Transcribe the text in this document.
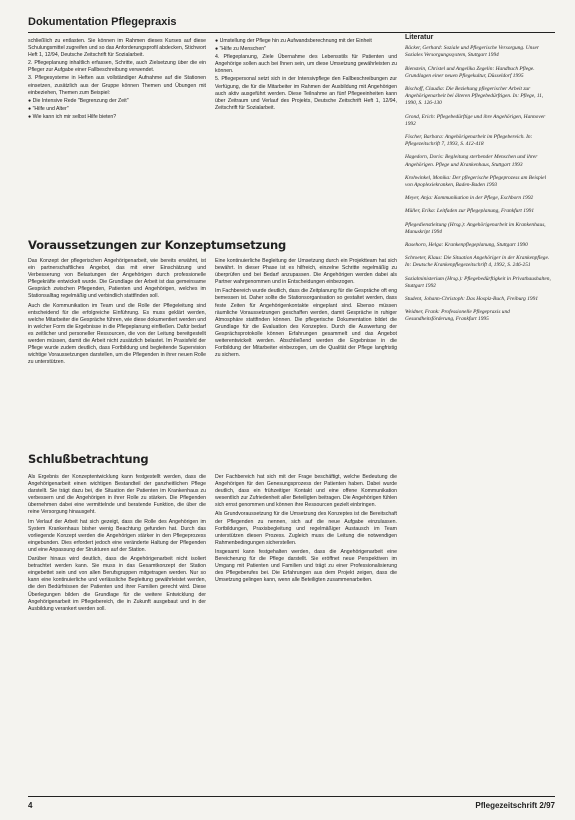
Dokumentation Pflegepraxis
schließlich zu entlasten. Sie können im Rahmen dieses Kurses auf diese Schulungsmittel zugreifen und so das Anforderungsprofil abdecken, Stichwort Heft 1, 12/94, Deutsche Zeitschrift für Sozialarbeit.
2. Pflegeplanung inhaltlich erfassen, Schritte, auch Zielsetzung über die ein Pfleger zur Aufgabe einer Fallbeschreibung verwendet.
3. Pflegesysteme in Heften aus vollständiger Aufnahme auf die Stationen einsetzen, zusätzlich aus der Gruppe können Themen und Übungen mit einbeziehen, Themen zum Beispiel:
● Die Intensive Rede "Begrenzung der Zeit"
● "Hilfe und Alter"
● Wie kann ich mir selbst Hilfe bieten?
● Umstellung der Pflege hin zu Aufwandsberechnung mit der Einheit
● "Hilfe zu Menschen"
4. Pflegeplanung, Ziele Übernahme des Lebensstils für Patienten und Angehörige sollen auch bei Ihnen sein, um diese Umsetzung gewährleisten zu können.
5. Pflegepersonal setzt sich in der Intensivpflege den Fallbeschreibungen zur Verfügung, die für die Mitarbeiter im Rahmen der Ausbildung mit Angehörigen auch aktiv ausgeführt werden. Diese Teilnahme an fünf Pflegeeinheiten kann über Zeitraum und Verlauf des Projekts, Deutsche Zeitschrift Heft 1, 12/94, Zeitschrift für Sozialarbeit.
Voraussetzungen zur Konzeptumsetzung

Das Konzept der pflegerischen Angehörigenarbeit, wie bereits erwähnt, ist ein partnerschaftliches Angebot, das mit einer Einschätzung und Verbesserung von Belastungen der Angehörigen durch professionelle Pflegekräfte entwickelt wurde. Die Grundlage der Arbeit ist das gemeinsame Gespräch zwischen Pflegenden, Patienten und Angehörigen, welches im Stationsalltag regelmäßig und verbindlich stattfinden soll.

Auch die Kommunikation im Team und die Rolle der Pflegeleitung sind entscheidend für die erfolgreiche Einführung. Es muss geklärt werden, welche Mitarbeiter die Gespräche führen, wie diese dokumentiert werden und in welcher Form die Ergebnisse in die Pflegeplanung einfließen. Dafür bedarf es zeitlicher und personeller Ressourcen, die von der Leitung bereitgestellt werden müssen, damit die Arbeit nicht zusätzlich belastet. Im Praxisfeld der Pflege wurde zudem deutlich, dass Fortbildung und begleitende Supervision wichtige Voraussetzungen darstellen, um die Pflegenden in ihrer neuen Rolle zu unterstützen.

Eine kontinuierliche Begleitung der Umsetzung durch ein Projektteam hat sich bewährt. In dieser Phase ist es hilfreich, einzelne Schritte regelmäßig zu überprüfen und bei Bedarf anzupassen. Die Angehörigen werden dabei als Partner wahrgenommen und in Entscheidungen einbezogen.

Im Fachbereich wurde deutlich, dass die Zeitplanung für die Gespräche oft eng bemessen ist. Daher sollte die Stationsorganisation so gestaltet werden, dass feste Zeiten für Angehörigenkontakte eingeplant sind. Ebenso müssen räumliche Voraussetzungen geschaffen werden, damit Gespräche in ruhiger Atmosphäre stattfinden können. Die pflegerische Dokumentation bildet die Grundlage für die Evaluation des Konzeptes. Durch die Auswertung der Gesprächsprotokolle können Erfahrungen gesammelt und das Angebot weiterentwickelt werden. Abschließend werden die Ergebnisse in die Fortbildung der Mitarbeiter einbezogen, um die Qualität der Pflege langfristig zu sichern.

Schlußbetrachtung

Als Ergebnis der Konzeptentwicklung kann festgestellt werden, dass die Angehörigenarbeit einen wichtigen Bestandteil der ganzheitlichen Pflege darstellt. Sie trägt dazu bei, die Situation der Patienten im Krankenhaus zu verbessern und die Angehörigen in ihrer Rolle zu stärken. Die Pflegenden übernehmen dabei eine vermittelnde und beratende Funktion, die über die reine Versorgung hinausgeht.

Im Verlauf der Arbeit hat sich gezeigt, dass die Rolle des Angehörigen im System Krankenhaus bisher wenig Beachtung gefunden hat. Durch das vorliegende Konzept werden die Angehörigen stärker in den Pflegeprozess eingebunden. Dies erfordert jedoch eine veränderte Haltung der Pflegenden und eine Anpassung der Strukturen auf der Station.

Darüber hinaus wird deutlich, dass die Angehörigenarbeit nicht isoliert betrachtet werden kann. Sie muss in das Gesamtkonzept der Station eingebettet sein und von allen Berufsgruppen mitgetragen werden. Nur so kann eine kontinuierliche und verlässliche Begleitung gewährleistet werden, die den Bedürfnissen der Patienten und ihrer Familien gerecht wird. Diese Überlegungen bilden die Grundlage für die weitere Entwicklung der Angehörigenarbeit im Pflegebereich, die in Zukunft ausgebaut und in der Ausbildung verankert werden soll.

Der Fachbereich hat sich mit der Frage beschäftigt, welche Bedeutung die Angehörigen für den Genesungsprozess der Patienten haben. Dabei wurde deutlich, dass ein frühzeitiger Kontakt und eine offene Kommunikation wesentlich zur Zufriedenheit aller Beteiligten beitragen. Die Angehörigen fühlen sich ernst genommen und können ihre Ressourcen gezielt einbringen.

Als Grundvoraussetzung für die Umsetzung des Konzeptes ist die Bereitschaft der Pflegenden zu nennen, sich auf die neue Aufgabe einzulassen. Fortbildungen, Praxisbegleitung und regelmäßiger Austausch im Team unterstützen diesen Prozess. Zugleich muss die Leitung die notwendigen Rahmenbedingungen sicherstellen.

Insgesamt kann festgehalten werden, dass die Angehörigenarbeit eine Bereicherung für die Pflege darstellt. Sie eröffnet neue Perspektiven im Umgang mit Patienten und Familien und trägt zu einer Professionalisierung des Pflegeberufes bei. Die Erfahrungen aus dem Projekt zeigen, dass die Umsetzung gelingen kann, wenn alle Beteiligten zusammenarbeiten.

Literatur

Bäcker, Gerhard: Soziale und Pflegerische Versorgung. Unser Soziales Versorgungssystem, Stuttgart 1994

Bienstein, Christel und Angelika Zegelin: Handbuch Pflege. Grundlagen einer neuen Pflegekultur, Düsseldorf 1995

Bischoff, Claudia: Die Beziehung pflegerischer Arbeit zur Angehörigenarbeit bei älteren Pflegebedürftigen. In: Pflege, 11, 1990, S. 126-130

Grond, Erich: Pflegebedürftige und ihre Angehörigen, Hannover 1992

Fischer, Barbara: Angehörigenarbeit im Pflegebereich. In: Pflegezeitschrift 7, 1993, S. 412-418

Hagedorn, Doris: Begleitung sterbender Menschen und ihrer Angehörigen. Pflege und Krankenhaus, Stuttgart 1993

Krohwinkel, Monika: Der pflegerische Pflegeprozess am Beispiel von Apoplexiekranken, Baden-Baden 1993

Meyer, Anja: Kommunikation in der Pflege, Eschborn 1992

Müller, Erika: Leitfaden zur Pflegeplanung, Frankfurt 1991

Pflegedienstleitung (Hrsg.): Angehörigenarbeit im Krankenhaus, Manuskript 1994

Rasehorn, Helga: Krankenpflegeplanung, Stuttgart 1990

Schroeter, Klaus: Die Situation Angehöriger in der Krankenpflege. In: Deutsche Krankenpflegezeitschrift 4, 1992, S. 246-251

Sozialministerium (Hrsg.): Pflegebedürftigkeit in Privathaushalten, Stuttgart 1992

Student, Johann-Christoph: Das Hospiz-Buch, Freiburg 1991

Weidner, Frank: Professionelle Pflegepraxis und Gesundheitsförderung, Frankfurt 1995

4	Pflegezeitschrift 2/97
